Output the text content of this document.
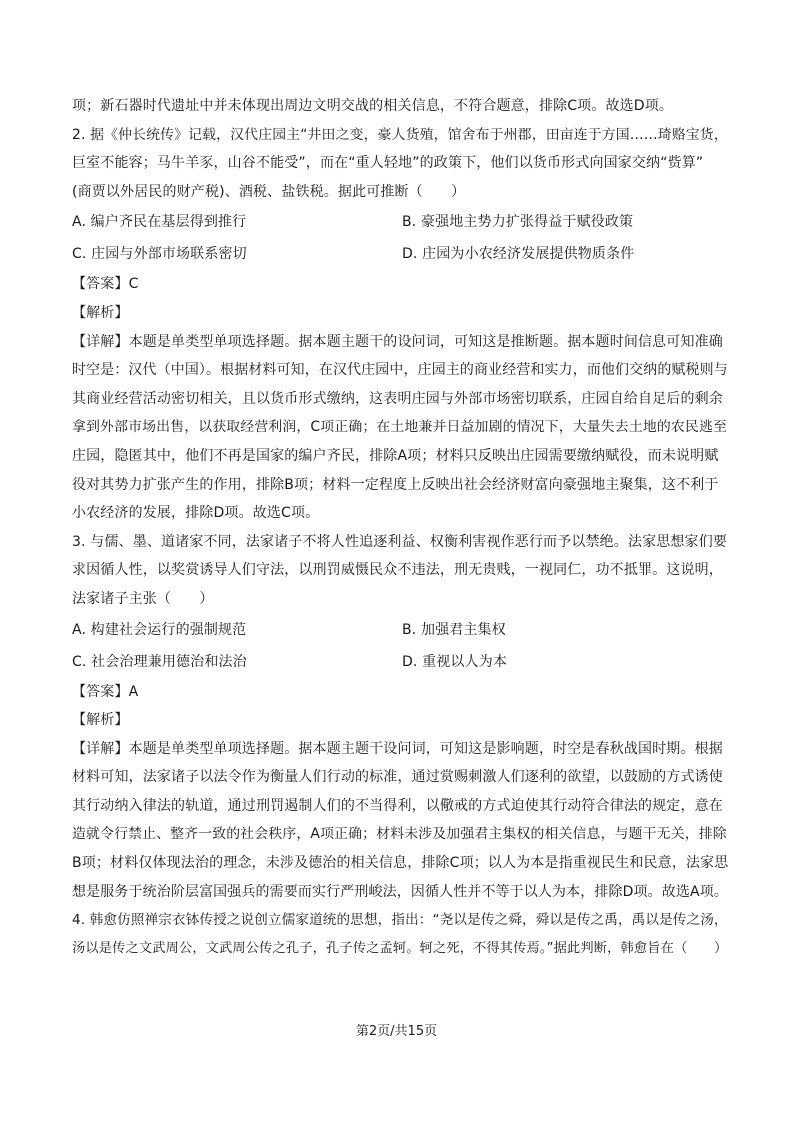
项；新石器时代遗址中并未体现出周边文明交战的相关信息，不符合题意，排除C项。故选D项。
2. 据《仲长统传》记载，汉代庄园主“井田之变，豪人货殖，馆舍布于州郡，田亩连于方国……琦赂宝货，
巨室不能容；马牛羊豕，山谷不能受”，而在“重人轻地”的政策下，他们以货币形式向国家交纳“赀算”
(商贾以外居民的财产税)、酒税、盐铁税。据此可推断（　　）
A. 编户齐民在基层得到推行	B. 豪强地主势力扩张得益于赋役政策
C. 庄园与外部市场联系密切	D. 庄园为小农经济发展提供物质条件
【答案】C
【解析】
【详解】本题是单类型单项选择题。据本题主题干的设问词，可知这是推断题。据本题时间信息可知准确
时空是：汉代（中国）。根据材料可知，在汉代庄园中，庄园主的商业经营和实力，而他们交纳的赋税则与
其商业经营活动密切相关，且以货币形式缴纳，这表明庄园与外部市场密切联系，庄园自给自足后的剩余
拿到外部市场出售，以获取经营利润，C项正确；在土地兼并日益加剧的情况下，大量失去土地的农民逃至
庄园，隐匿其中，他们不再是国家的编户齐民，排除A项；材料只反映出庄园需要缴纳赋役，而未说明赋
役对其势力扩张产生的作用，排除B项；材料一定程度上反映出社会经济财富向豪强地主聚集，这不利于
小农经济的发展，排除D项。故选C项。
3. 与儒、墨、道诸家不同，法家诸子不将人性追逐利益、权衡利害视作恶行而予以禁绝。法家思想家们要
求因循人性，以奖赏诱导人们守法，以刑罚威慑民众不违法，刑无贵贱，一视同仁，功不抵罪。这说明，
法家诸子主张（　　）
A. 构建社会运行的强制规范	B. 加强君主集权
C. 社会治理兼用德治和法治	D. 重视以人为本
【答案】A
【解析】
【详解】本题是单类型单项选择题。据本题主题干设问词，可知这是影响题，时空是春秋战国时期。根据
材料可知，法家诸子以法令作为衡量人们行动的标准，通过赏赐刺激人们逐利的欲望，以鼓励的方式诱使
其行动纳入律法的轨道，通过刑罚遏制人们的不当得利，以儆戒的方式迫使其行动符合律法的规定，意在
造就令行禁止、整齐一致的社会秩序，A项正确；材料未涉及加强君主集权的相关信息，与题干无关，排除
B项；材料仅体现法治的理念，未涉及德治的相关信息，排除C项；以人为本是指重视民生和民意，法家思
想是服务于统治阶层富国强兵的需要而实行严刑峻法，因循人性并不等于以人为本，排除D项。故选A项。
4. 韩愈仿照禅宗衣钵传授之说创立儒家道统的思想，指出：“尧以是传之舜，舜以是传之禹，禹以是传之汤，
汤以是传之文武周公，文武周公传之孔子，孔子传之孟轲。轲之死，不得其传焉。”据此判断，韩愈旨在（　　）
第2页/共15页
